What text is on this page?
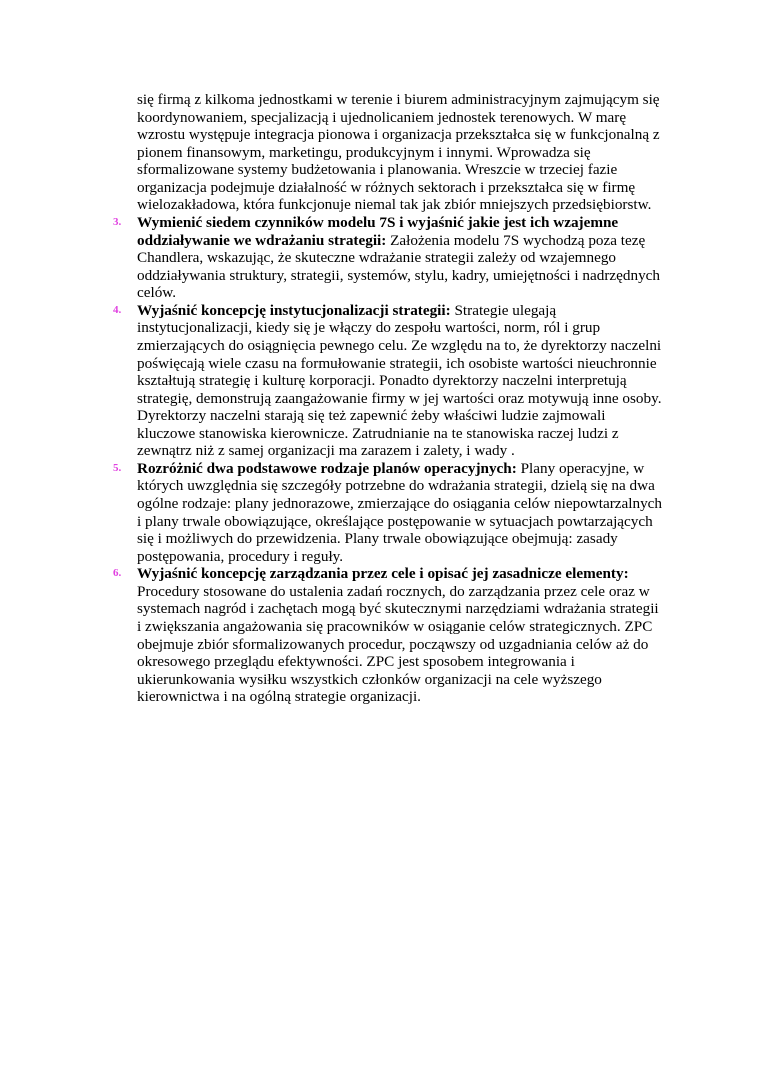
się firmą z kilkoma jednostkami w terenie i biurem administracyjnym zajmującym się

koordynowaniem, specjalizacją i ujednolicaniem jednostek terenowych. W marę

wzrostu występuje integracja pionowa i organizacja przekształca się w funkcjonalną z

pionem finansowym, marketingu, produkcyjnym i innymi. Wprowadza się

sformalizowane systemy budżetowania i planowania. Wreszcie w trzeciej fazie

organizacja podejmuje działalność w różnych sektorach i przekształca się w firmę

wielozakładowa, która funkcjonuje niemal tak jak zbiór mniejszych przedsiębiorstw.

3. Wymienić siedem czynników modelu 7S i wyjaśnić jakie jest ich wzajemne

oddziaływanie we wdrażaniu strategii: Założenia modelu 7S wychodzą poza tezę

Chandlera, wskazując, że skuteczne wdrażanie strategii zależy od wzajemnego

oddziaływania struktury, strategii, systemów, stylu, kadry, umiejętności i nadrzędnych

celów.

4. Wyjaśnić koncepcję instytucjonalizacji strategii: Strategie ulegają

instytucjonalizacji, kiedy się je włączy do zespołu wartości, norm, ról i grup

zmierzających do osiągnięcia pewnego celu. Ze względu na to, że dyrektorzy naczelni

poświęcają wiele czasu na formułowanie strategii, ich osobiste wartości nieuchronnie

kształtują strategię i kulturę korporacji. Ponadto dyrektorzy naczelni interpretują

strategię, demonstrują zaangażowanie firmy w jej wartości oraz motywują inne osoby.

Dyrektorzy naczelni starają się też zapewnić żeby właściwi ludzie zajmowali

kluczowe stanowiska kierownicze. Zatrudnianie na te stanowiska raczej ludzi z

zewnątrz niż z samej organizacji ma zarazem i zalety, i wady .

5. Rozróżnić dwa podstawowe rodzaje planów operacyjnych: Plany operacyjne, w

których uwzględnia się szczegóły potrzebne do wdrażania strategii, dzielą się na dwa

ogólne rodzaje: plany jednorazowe, zmierzające do osiągania celów niepowtarzalnych

i plany trwale obowiązujące, określające postępowanie w sytuacjach powtarzających

się i możliwych do przewidzenia. Plany trwale obowiązujące obejmują: zasady

postępowania, procedury i reguły.

6. Wyjaśnić koncepcję zarządzania przez cele i opisać jej zasadnicze elementy:

Procedury stosowane do ustalenia zadań rocznych, do zarządzania przez cele oraz w

systemach nagród i zachętach mogą być skutecznymi narzędziami wdrażania strategii

i zwiększania angażowania się pracowników w osiąganie celów strategicznych. ZPC

obejmuje zbiór sformalizowanych procedur, począwszy od uzgadniania celów aż do

okresowego przeglądu efektywności. ZPC jest sposobem integrowania i

ukierunkowania wysiłku wszystkich członków organizacji na cele wyższego

kierownictwa i na ogólną strategie organizacji.
